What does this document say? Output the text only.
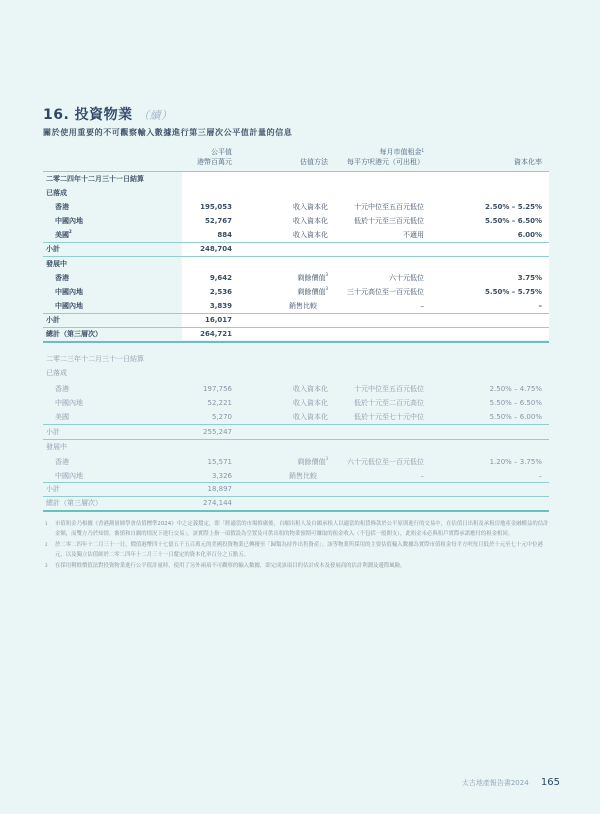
16. 投資物業 （續）
關於使用重要的不可觀察輸入數據進行第三層次公平值計量的信息
公平值
港幣百萬元	估值方法
每月市值租金$^1$
每平方呎港元（可出租）	資本化率
二零二四年十二月三十一日結算
已落成
香港	195,053	收入資本化	十元中位至五百元低位	2.50% – 5.25%
中國內地	52,767	收入資本化	低於十元至三百元低位	5.50% – 6.50%
美國$^2$	884	收入資本化	不適用	6.00%
小計	248,704
發展中
香港	9,642	剩餘價值$^3$	六十元低位	3.75%
中國內地	2,536	剩餘價值$^3$	三十元高位至一百元低位	5.50% – 5.75%
中國內地	3,839	銷售比較	–	–
小計	16,017
總計（第三層次）	264,721
二零二三年十二月三十一日結算
已落成
香港	197,756	收入資本化	十元中位至五百元低位	2.50% – 4.75%
中國內地	52,221	收入資本化	低於十元至二百元高位	5.50% – 6.50%
美國	5,270	收入資本化	低於十元至七十元中位	5.50% – 6.00%
小計	255,247
發展中
香港	15,571	剩餘價值$^3$	六十元低位至一百元低位	1.20% – 3.75%
中國內地	3,326	銷售比較	–	–
小計	18,897
總計（第三層次）	274,144
1 市值租金乃根據《香港測量師學會估值標準2024》中之定義釐定，即「經適當的市場推廣後，自願出租人及自願承租人以適當的租賃條款於公平原則進行的交易中，在估值日出租及承租房地產金融權益的估計金額，而雙方乃於知情、審慎和自願的情況下進行交易」。該實際上指一項假設為空置及可供出租的物業預期可賺取的租金收入（不包括一般開支），此租金未必與租戶實際承諾應付的租金相同。
2 於二零二四年十二月三十一日，價值港幣四十七億五千五百萬元的美國投資物業已轉撥至「歸類為持作出售資產」。該等物業所採用的主要估值輸入數據為實際市值租金每平方呎每月低於十元至七十元中位港元，以及獨立估值師於二零二四年十二月三十一日釐定的資本化率百分之五點五。
3 在採用剩餘價值法對投資物業進行公平值計量時，使用了另外兩項不可觀察的輸入數據，即完成該項目的估計成本及發展商的估計利潤及邊際風險。
太古地產報告書2024 165
